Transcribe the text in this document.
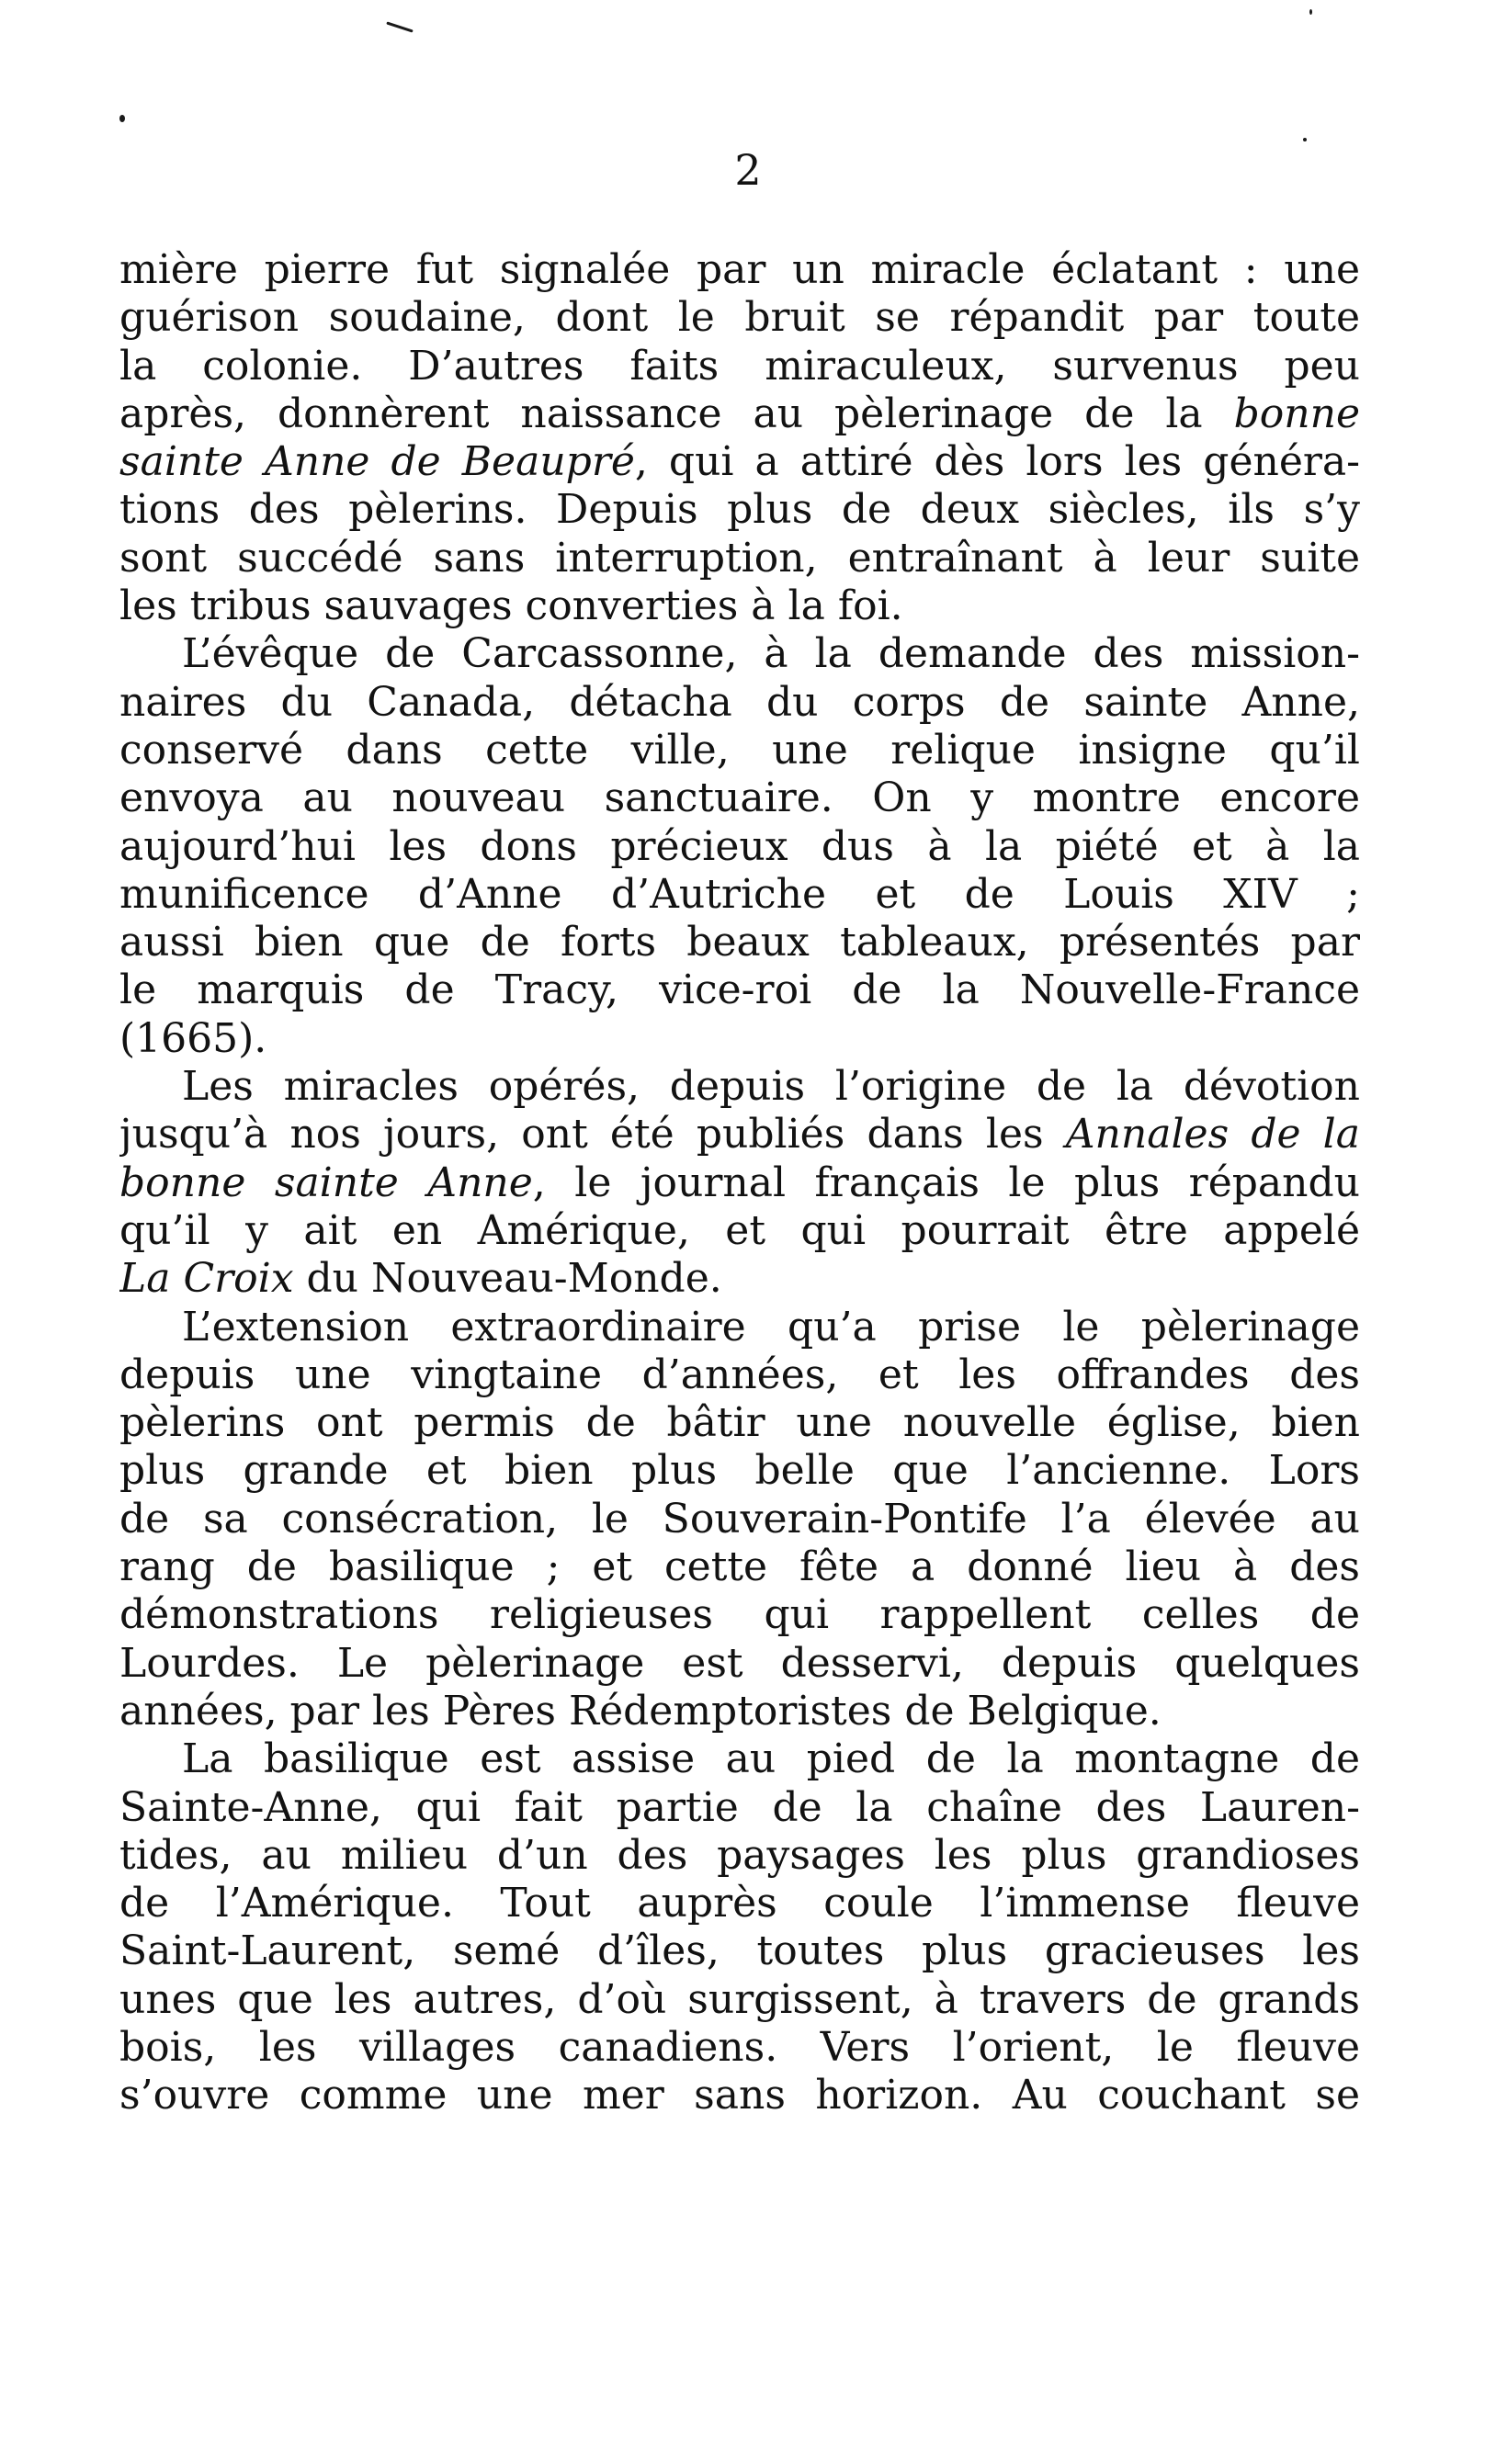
2
mière pierre fut signalée par un miracle éclatant : une
guérison soudaine, dont le bruit se répandit par toute
la colonie. D’autres faits miraculeux, survenus peu
après, donnèrent naissance au pèlerinage de la bonne
sainte Anne de Beaupré, qui a attiré dès lors les généra-
tions des pèlerins. Depuis plus de deux siècles, ils s’y
sont succédé sans interruption, entraînant à leur suite
les tribus sauvages converties à la foi.
L’évêque de Carcassonne, à la demande des mission-
naires du Canada, détacha du corps de sainte Anne,
conservé dans cette ville, une relique insigne qu’il
envoya au nouveau sanctuaire. On y montre encore
aujourd’hui les dons précieux dus à la piété et à la
munificence d’Anne d’Autriche et de Louis XIV ;
aussi bien que de forts beaux tableaux, présentés par
le marquis de Tracy, vice-roi de la Nouvelle-France
(1665).
Les miracles opérés, depuis l’origine de la dévotion
jusqu’à nos jours, ont été publiés dans les Annales de la
bonne sainte Anne, le journal français le plus répandu
qu’il y ait en Amérique, et qui pourrait être appelé
La Croix du Nouveau-Monde.
L’extension extraordinaire qu’a prise le pèlerinage
depuis une vingtaine d’années, et les offrandes des
pèlerins ont permis de bâtir une nouvelle église, bien
plus grande et bien plus belle que l’ancienne. Lors
de sa consécration, le Souverain-Pontife l’a élevée au
rang de basilique ; et cette fête a donné lieu à des
démonstrations religieuses qui rappellent celles de
Lourdes. Le pèlerinage est desservi, depuis quelques
années, par les Pères Rédemptoristes de Belgique.
La basilique est assise au pied de la montagne de
Sainte-Anne, qui fait partie de la chaîne des Lauren-
tides, au milieu d’un des paysages les plus grandioses
de l’Amérique. Tout auprès coule l’immense fleuve
Saint-Laurent, semé d’îles, toutes plus gracieuses les
unes que les autres, d’où surgissent, à travers de grands
bois, les villages canadiens. Vers l’orient, le fleuve
s’ouvre comme une mer sans horizon. Au couchant se
